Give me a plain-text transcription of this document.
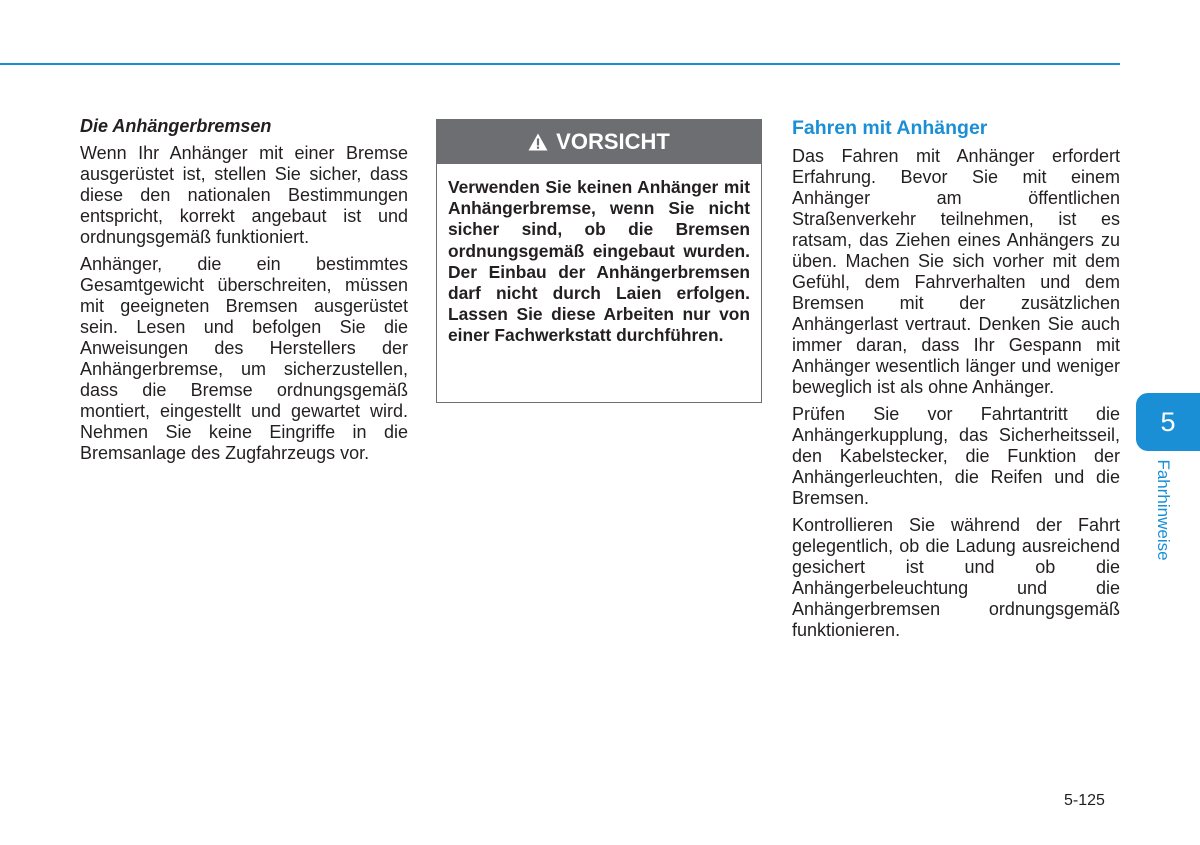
Die Anhängerbremsen

Wenn Ihr Anhänger mit einer Bremse ausgerüstet ist, stellen Sie sicher, dass diese den nationalen Bestimmungen entspricht, korrekt angebaut ist und ordnungsgemäß funktioniert.

Anhänger, die ein bestimmtes Gesamtgewicht überschreiten, müssen mit geeigneten Bremsen ausgerüstet sein. Lesen und befolgen Sie die Anweisungen des Herstellers der Anhängerbremse, um sicherzustellen, dass die Bremse ordnungsgemäß montiert, eingestellt und gewartet wird. Nehmen Sie keine Eingriffe in die Bremsanlage des Zugfahrzeugs vor.

VORSICHT
Verwenden Sie keinen Anhänger mit Anhängerbremse, wenn Sie nicht sicher sind, ob die Bremsen ordnungsgemäß eingebaut wurden. Der Einbau der Anhängerbremsen darf nicht durch Laien erfolgen. Lassen Sie diese Arbeiten nur von einer Fachwerkstatt durchführen.

Fahren mit Anhänger

Das Fahren mit Anhänger erfordert Erfahrung. Bevor Sie mit einem Anhänger am öffentlichen Straßenverkehr teilnehmen, ist es ratsam, das Ziehen eines Anhängers zu üben. Machen Sie sich vorher mit dem Gefühl, dem Fahrverhalten und dem Bremsen mit der zusätzlichen Anhängerlast vertraut. Denken Sie auch immer daran, dass Ihr Gespann mit Anhänger wesentlich länger und weniger beweglich ist als ohne Anhänger.

Prüfen Sie vor Fahrtantritt die Anhängerkupplung, das Sicherheitsseil, den Kabelstecker, die Funktion der Anhängerleuchten, die Reifen und die Bremsen.

Kontrollieren Sie während der Fahrt gelegentlich, ob die Ladung ausreichend gesichert ist und ob die Anhängerbeleuchtung und die Anhängerbremsen ordnungsgemäß funktionieren.

5
Fahrhinweise
5-125
